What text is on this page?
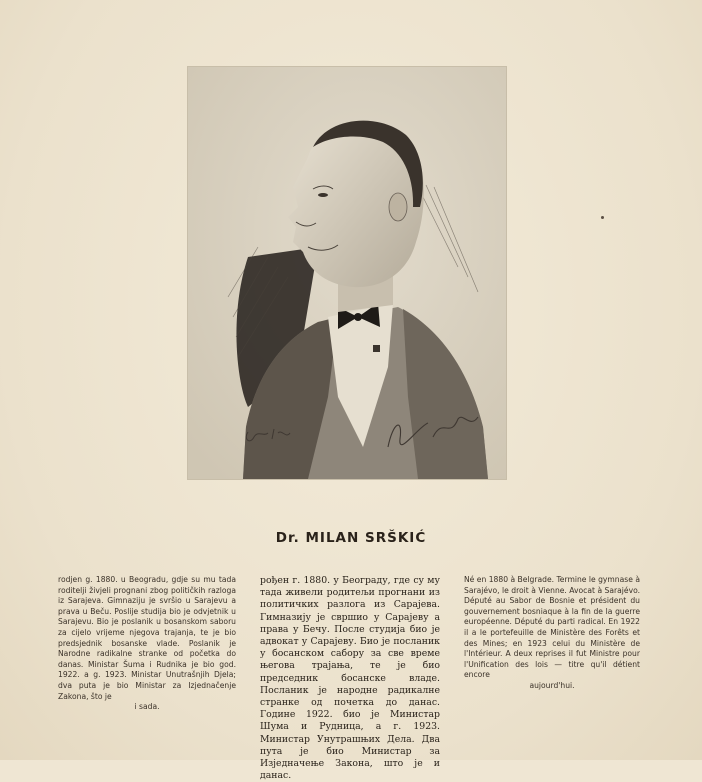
Dr. MILAN SRŠKIĆ

rodjen g. 1880. u Beogradu, gdje su mu tada roditelji živjeli prognani zbog političkih razloga iz Sarajeva. Gimnaziju je svršio u Sarajevu a prava u Beču. Poslije studija bio je odvjetnik u Sarajevu. Bio je poslanik u bosanskom saboru za cijelo vrijeme njegova trajanja, te je bio predsjednik bosanske vlade. Poslanik je Narodne radikalne stranke od početka do danas. Ministar Šuma i Rudnika je bio god. 1922. a g. 1923. Ministar Unutrašnjih Djela; dva puta je bio Ministar za Izjednačenje Zakona, što je

i sada.

рођен г. 1880. у Београду, где су му тада живели родитељи прогнани из политичких разлога из Сарајева. Гимназију је свршио у Сарајеву а права у Бечу. После студија био је адвокат у Сарајеву. Био је посланик у босанском сабору за све време његова трајања, те је био председник босанске владе. Посланик је народне радикалне странке од почетка до данас. Године 1922. био је Министар Шума и Рудница, а г. 1923. Министар Унутрашњих Дела. Два пута је био Министар за Изједначење Закона, што је и данас.

Né en 1880 à Belgrade. Termine le gymnase à Sarajévo, le droit à Vienne. Avocat à Sarajévo. Député au Sabor de Bosnie et président du gouvernement bosniaque à la fin de la guerre européenne. Député du parti radical. En 1922 il a le portefeuille de Ministère des Forêts et des Mines; en 1923 celui du Ministère de l'Intérieur. A deux reprises il fut Ministre pour l'Unification des lois — titre qu'il détient encore

aujourd'hui.
